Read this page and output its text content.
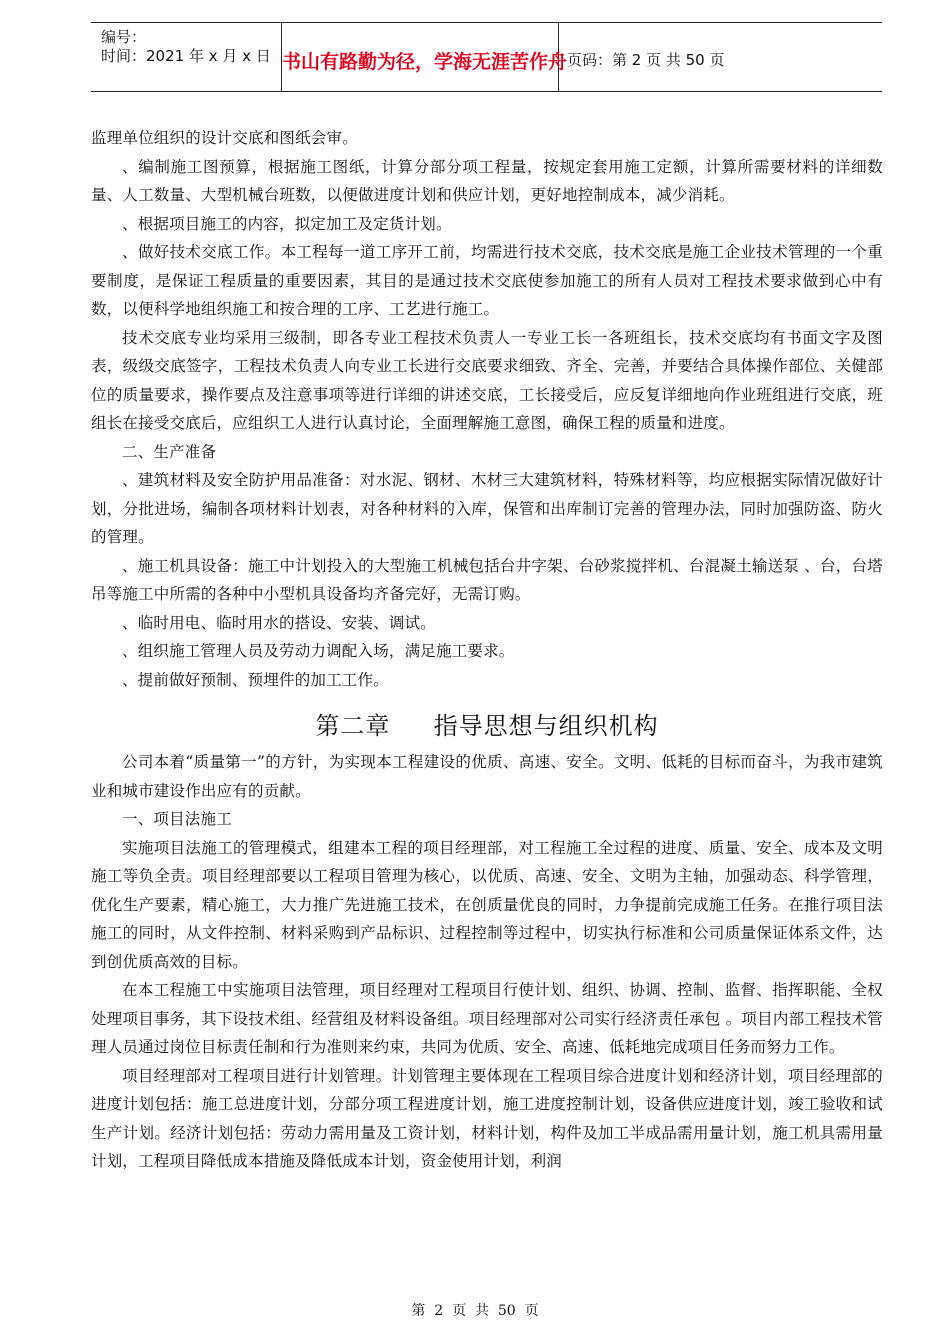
编号：
时间：2021 年 x 月 x 日 书山有路勤为径，学海无涯苦作舟 页码：第 2 页 共 50 页

监理单位组织的设计交底和图纸会审。

、编制施工图预算，根据施工图纸，计算分部分项工程量，按规定套用施工定额，计算所需要材料的详细数量、人工数量、大型机械台班数，以便做进度计划和供应计划，更好地控制成本，减少消耗。

、根据项目施工的内容，拟定加工及定货计划。

、做好技术交底工作。本工程每一道工序开工前，均需进行技术交底，技术交底是施工企业技术管理的一个重要制度，是保证工程质量的重要因素，其目的是通过技术交底使参加施工的所有人员对工程技术要求做到心中有数，以便科学地组织施工和按合理的工序、工艺进行施工。

技术交底专业均采用三级制，即各专业工程技术负责人一专业工长一各班组长，技术交底均有书面文字及图表，级级交底签字，工程技术负责人向专业工长进行交底要求细致、齐全、完善，并要结合具体操作部位、关健部位的质量要求，操作要点及注意事项等进行详细的讲述交底，工长接受后，应反复详细地向作业班组进行交底，班组长在接受交底后，应组织工人进行认真讨论，全面理解施工意图，确保工程的质量和进度。

二、生产准备

、建筑材料及安全防护用品准备：对水泥、钢材、木材三大建筑材料，特殊材料等，均应根据实际情况做好计划，分批进场，编制各项材料计划表，对各种材料的入库，保管和出库制订完善的管理办法，同时加强防盗、防火的管理。

、施工机具设备：施工中计划投入的大型施工机械包括台井字架、台砂浆搅拌机、台混凝土输送泵 、台，台塔吊等施工中所需的各种中小型机具设备均齐备完好，无需订购。

、临时用电、临时用水的搭设、安装、调试。

、组织施工管理人员及劳动力调配入场，满足施工要求。

、提前做好预制、预埋件的加工工作。

第二章     指导思想与组织机构

公司本着“质量第一”的方针，为实现本工程建设的优质、高速、安全。文明、低耗的目标而奋斗，为我市建筑业和城市建设作出应有的贡献。

一、项目法施工

实施项目法施工的管理模式，组建本工程的项目经理部，对工程施工全过程的进度、质量、安全、成本及文明施工等负全责。项目经理部要以工程项目管理为核心，以优质、高速、安全、文明为主轴，加强动态、科学管理，优化生产要素，精心施工，大力推广先进施工技术，在创质量优良的同时，力争提前完成施工任务。在推行项目法施工的同时，从文件控制、材料采购到产品标识、过程控制等过程中，切实执行标准和公司质量保证体系文件，达到创优质高效的目标。

在本工程施工中实施项目法管理，项目经理对工程项目行使计划、组织、协调、控制、监督、指挥职能、全权处理项目事务，其下设技术组、经营组及材料设备组。项目经理部对公司实行经济责任承包 。项目内部工程技术管理人员通过岗位目标责任制和行为准则来约束，共同为优质、安全、高速、低耗地完成项目任务而努力工作。

项目经理部对工程项目进行计划管理。计划管理主要体现在工程项目综合进度计划和经济计划，项目经理部的进度计划包括：施工总进度计划，分部分项工程进度计划，施工进度控制计划，设备供应进度计划，竣工验收和试生产计划。经济计划包括：劳动力需用量及工资计划，材料计划，构件及加工半成品需用量计划，施工机具需用量计划，工程项目降低成本措施及降低成本计划，资金使用计划，利润

第  2  页  共  50  页
